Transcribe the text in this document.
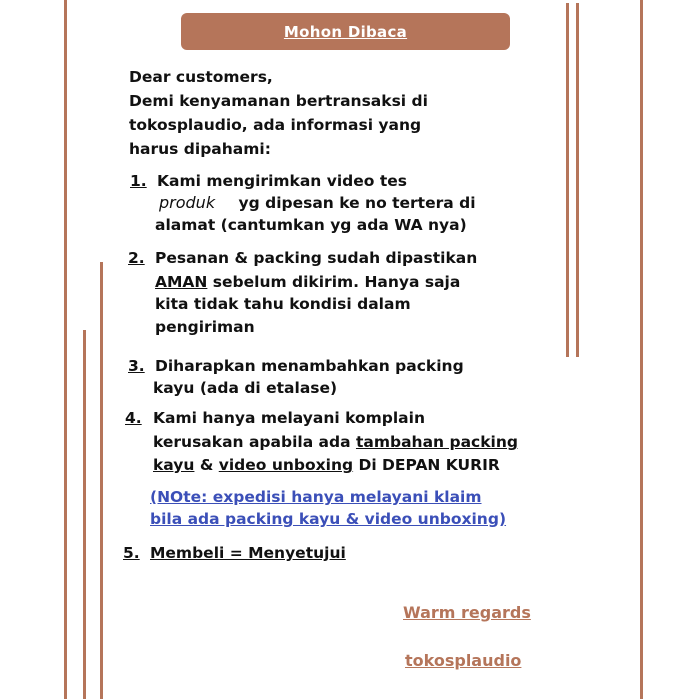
Mohon Dibaca
Dear customers,
Demi kenyamanan bertransaksi di
tokosplaudio, ada informasi yang
harus dipahami:
1. Kami mengirimkan video tes
produk yg dipesan ke no tertera di
alamat (cantumkan yg ada WA nya)
2. Pesanan & packing sudah dipastikan
AMAN sebelum dikirim. Hanya saja
kita tidak tahu kondisi dalam
pengiriman
3. Diharapkan menambahkan packing
kayu (ada di etalase)
4. Kami hanya melayani komplain
kerusakan apabila ada tambahan packing
kayu & video unboxing Di DEPAN KURIR
(NOte: expedisi hanya melayani klaim
bila ada packing kayu & video unboxing)
5. Membeli = Menyetujui
Warm regards
tokosplaudio
